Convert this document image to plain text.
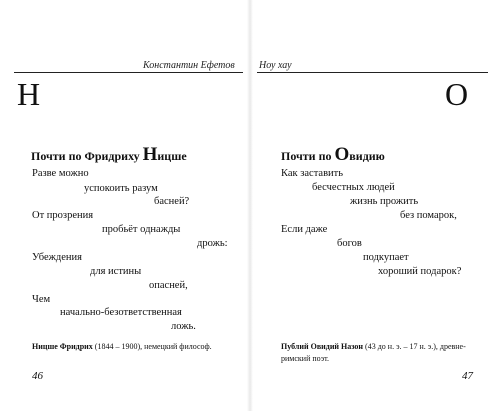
Константин Ефетов
Н
Почти по Фридриху Ницше
Разве можно
успокоить разум
басней?
От прозрения
пробьёт однажды
дрожь:
Убеждения
для истины
опасней,
Чем
начально-безответственная
ложь.
Ницше Фридрих (1844 – 1900), немецкий философ.
46
Ноу хау
О
Почти по Овидию
Как заставить
бесчестных людей
жизнь прожить
без помарок,
Если даже
богов
подкупает
хороший подарок?
Публий Овидий Назон (43 до н. э. – 17 н. э.), древне-
римский поэт.
47
